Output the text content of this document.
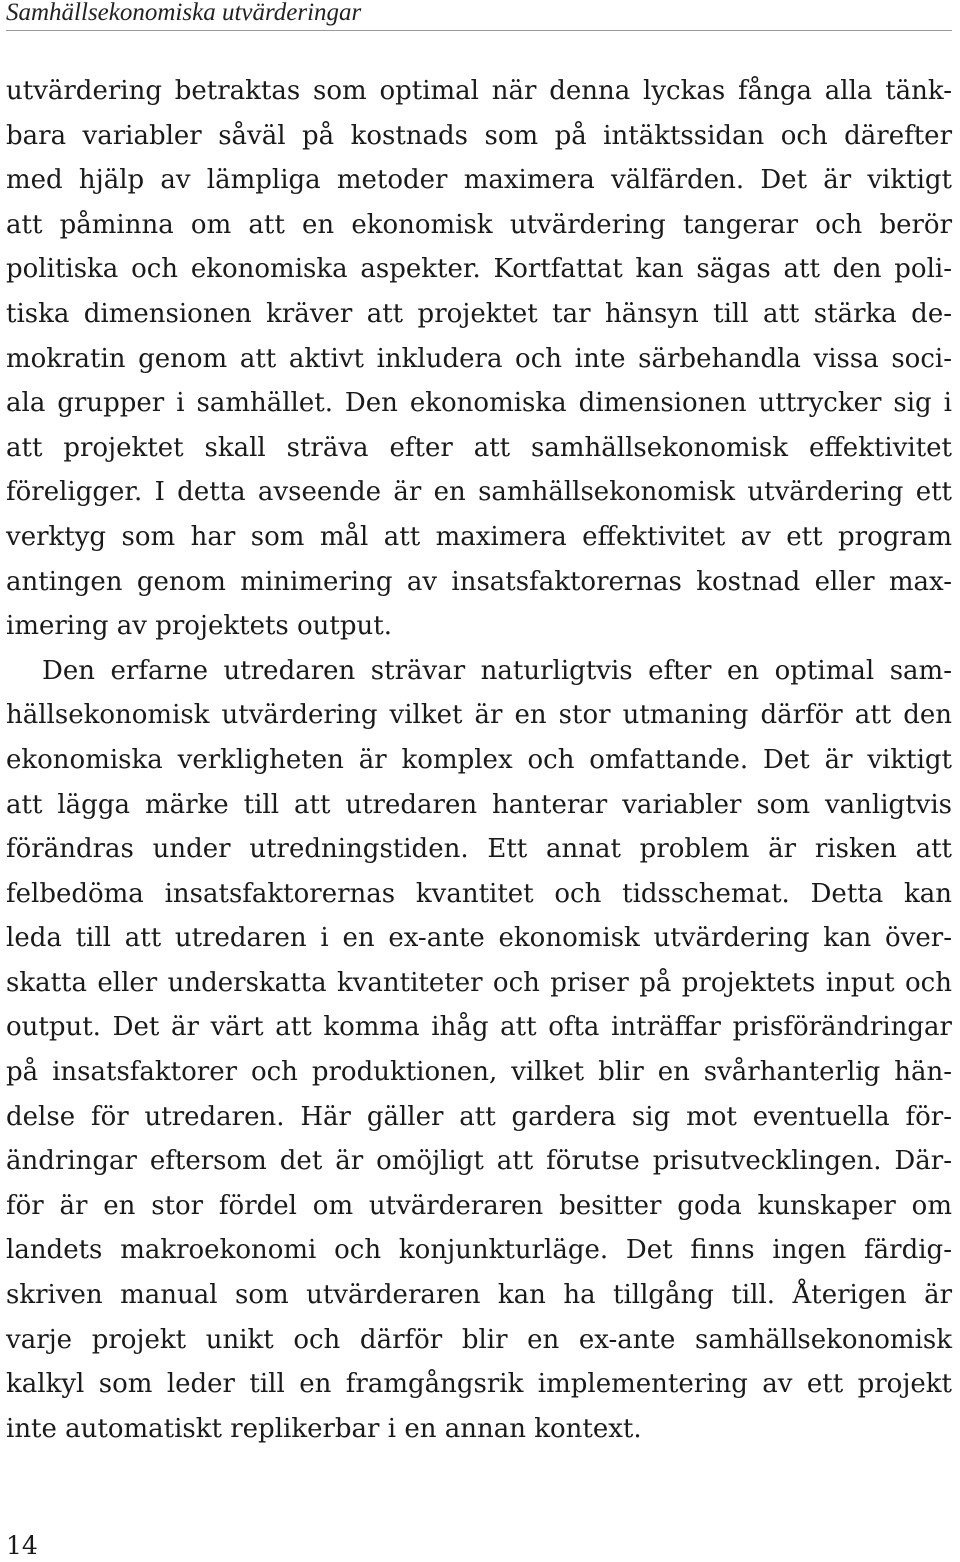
Samhällsekonomiska utvärderingar
utvärdering betraktas som optimal när denna lyckas fånga alla tänk-
bara variabler såväl på kostnads som på intäktssidan och därefter
med hjälp av lämpliga metoder maximera välfärden. Det är viktigt
att påminna om att en ekonomisk utvärdering tangerar och berör
politiska och ekonomiska aspekter. Kortfattat kan sägas att den poli-
tiska dimensionen kräver att projektet tar hänsyn till att stärka de-
mokratin genom att aktivt inkludera och inte särbehandla vissa soci-
ala grupper i samhället. Den ekonomiska dimensionen uttrycker sig i
att projektet skall sträva efter att samhällsekonomisk effektivitet
föreligger. I detta avseende är en samhällsekonomisk utvärdering ett
verktyg som har som mål att maximera effektivitet av ett program
antingen genom minimering av insatsfaktorernas kostnad eller max-
imering av projektets output.
Den erfarne utredaren strävar naturligtvis efter en optimal sam-
hällsekonomisk utvärdering vilket är en stor utmaning därför att den
ekonomiska verkligheten är komplex och omfattande. Det är viktigt
att lägga märke till att utredaren hanterar variabler som vanligtvis
förändras under utredningstiden. Ett annat problem är risken att
felbedöma insatsfaktorernas kvantitet och tidsschemat. Detta kan
leda till att utredaren i en ex-ante ekonomisk utvärdering kan över-
skatta eller underskatta kvantiteter och priser på projektets input och
output. Det är värt att komma ihåg att ofta inträffar prisförändringar
på insatsfaktorer och produktionen, vilket blir en svårhanterlig hän-
delse för utredaren. Här gäller att gardera sig mot eventuella för-
ändringar eftersom det är omöjligt att förutse prisutvecklingen. Där-
för är en stor fördel om utvärderaren besitter goda kunskaper om
landets makroekonomi och konjunkturläge. Det finns ingen färdig-
skriven manual som utvärderaren kan ha tillgång till. Återigen är
varje projekt unikt och därför blir en ex-ante samhällsekonomisk
kalkyl som leder till en framgångsrik implementering av ett projekt
inte automatiskt replikerbar i en annan kontext.
14
